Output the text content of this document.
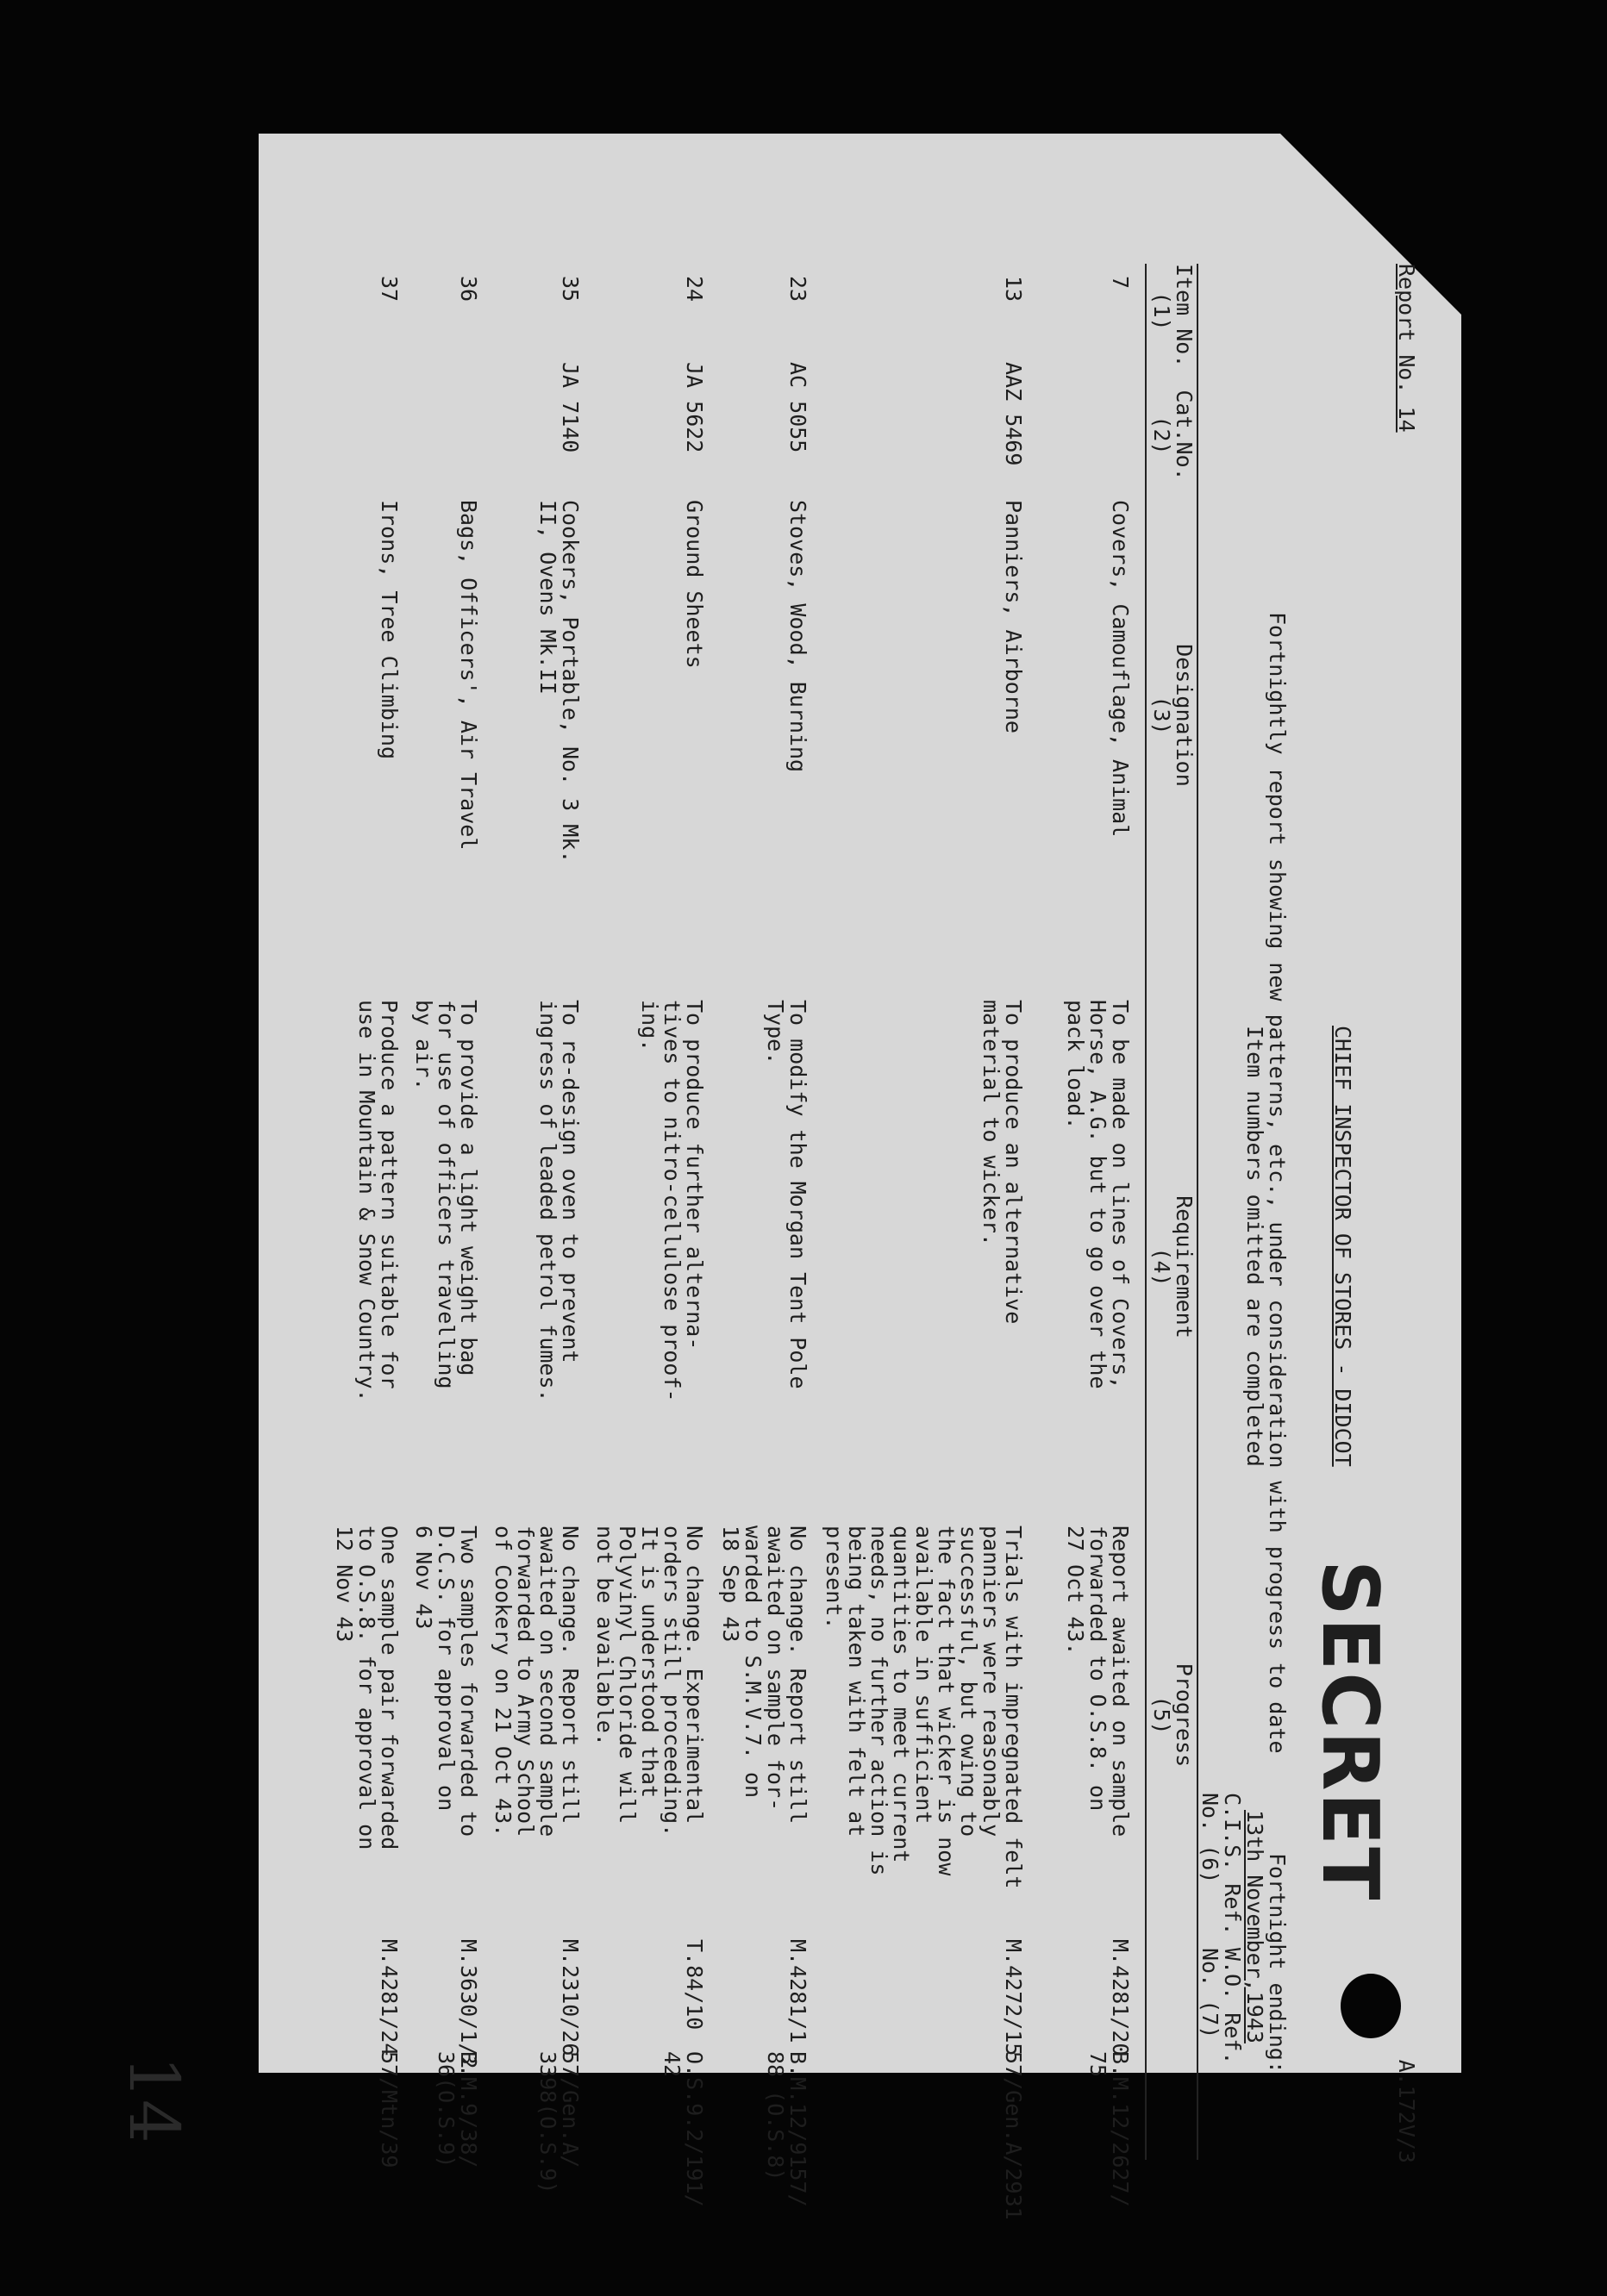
Report No. 14
A.172V/3
SECRET
CHIEF INSPECTOR OF STORES - DIDCOT
Fortnightly report showing new patterns, etc., under consideration with progress to date
Item numbers omitted are completed
Fortnight ending:
13th November,1943
C.I.S. Ref.
W.O. Ref.
No. (6)
No. (7)
Item No.
(1)
Cat.No.
(2)
Designation
(3)
Requirement
(4)
Progress
(5)
7
Covers, Camouflage, Animal
To be made on lines of Covers,
Horse, A.G. but to go over the
pack load.
Report awaited on sample
forwarded to O.S.8. on
27 Oct 43.
M.4281/20
B.M.12/2627/
75
13
AAZ 5469
Panniers, Airborne
To produce an alternative
material to wicker.
Trials with impregnated felt
panniers were reasonably
successful, but owing to
the fact that wicker is now
available in sufficient
quantities to meet current
needs, no further action is
being taken with felt at
present.
M.4272/15
57/Gen.A/2931
23
AC 5055
Stoves, Wood, Burning
To modify the Morgan Tent Pole
Type.
No change. Report still
awaited on sample for-
warded to S.M.V.7. on
18 Sep 43
M.4281/1
B.M.12/9157/
88 (O.S.8)
24
JA 5622
Ground Sheets
To produce further alterna-
tives to nitro-cellulose proof-
ing.
No change. Experimental
orders still proceeding.
It is understood that
Polyvinyl Chloride will
not be available.
T.84/10
O.S.9.2/191/
42
35
JA 7140
Cookers, Portable, No. 3 Mk.
II, Ovens Mk.II
To re-design oven to prevent
ingress of leaded petrol fumes.
No change. Report still
awaited on second sample
forwarded to Army School
of Cookery on 21 Oct 43.
M.2310/26
57/Gen.A/
3398(O.S.9)
36
Bags, Officers', Air Travel
To provide a light weight bag
for use of officers travelling
by air.
Two samples forwarded to
D.C.S. for approval on
6 Nov 43
M.3630/1/2
B.M.9/38/
36(O.S.9)
37
Irons, Tree Climbing
Produce a pattern suitable for
use in Mountain & Snow Country.
One sample pair forwarded
to O.S.8. for approval on
12 Nov 43
M.4281/24
57/Mtn/39
14
